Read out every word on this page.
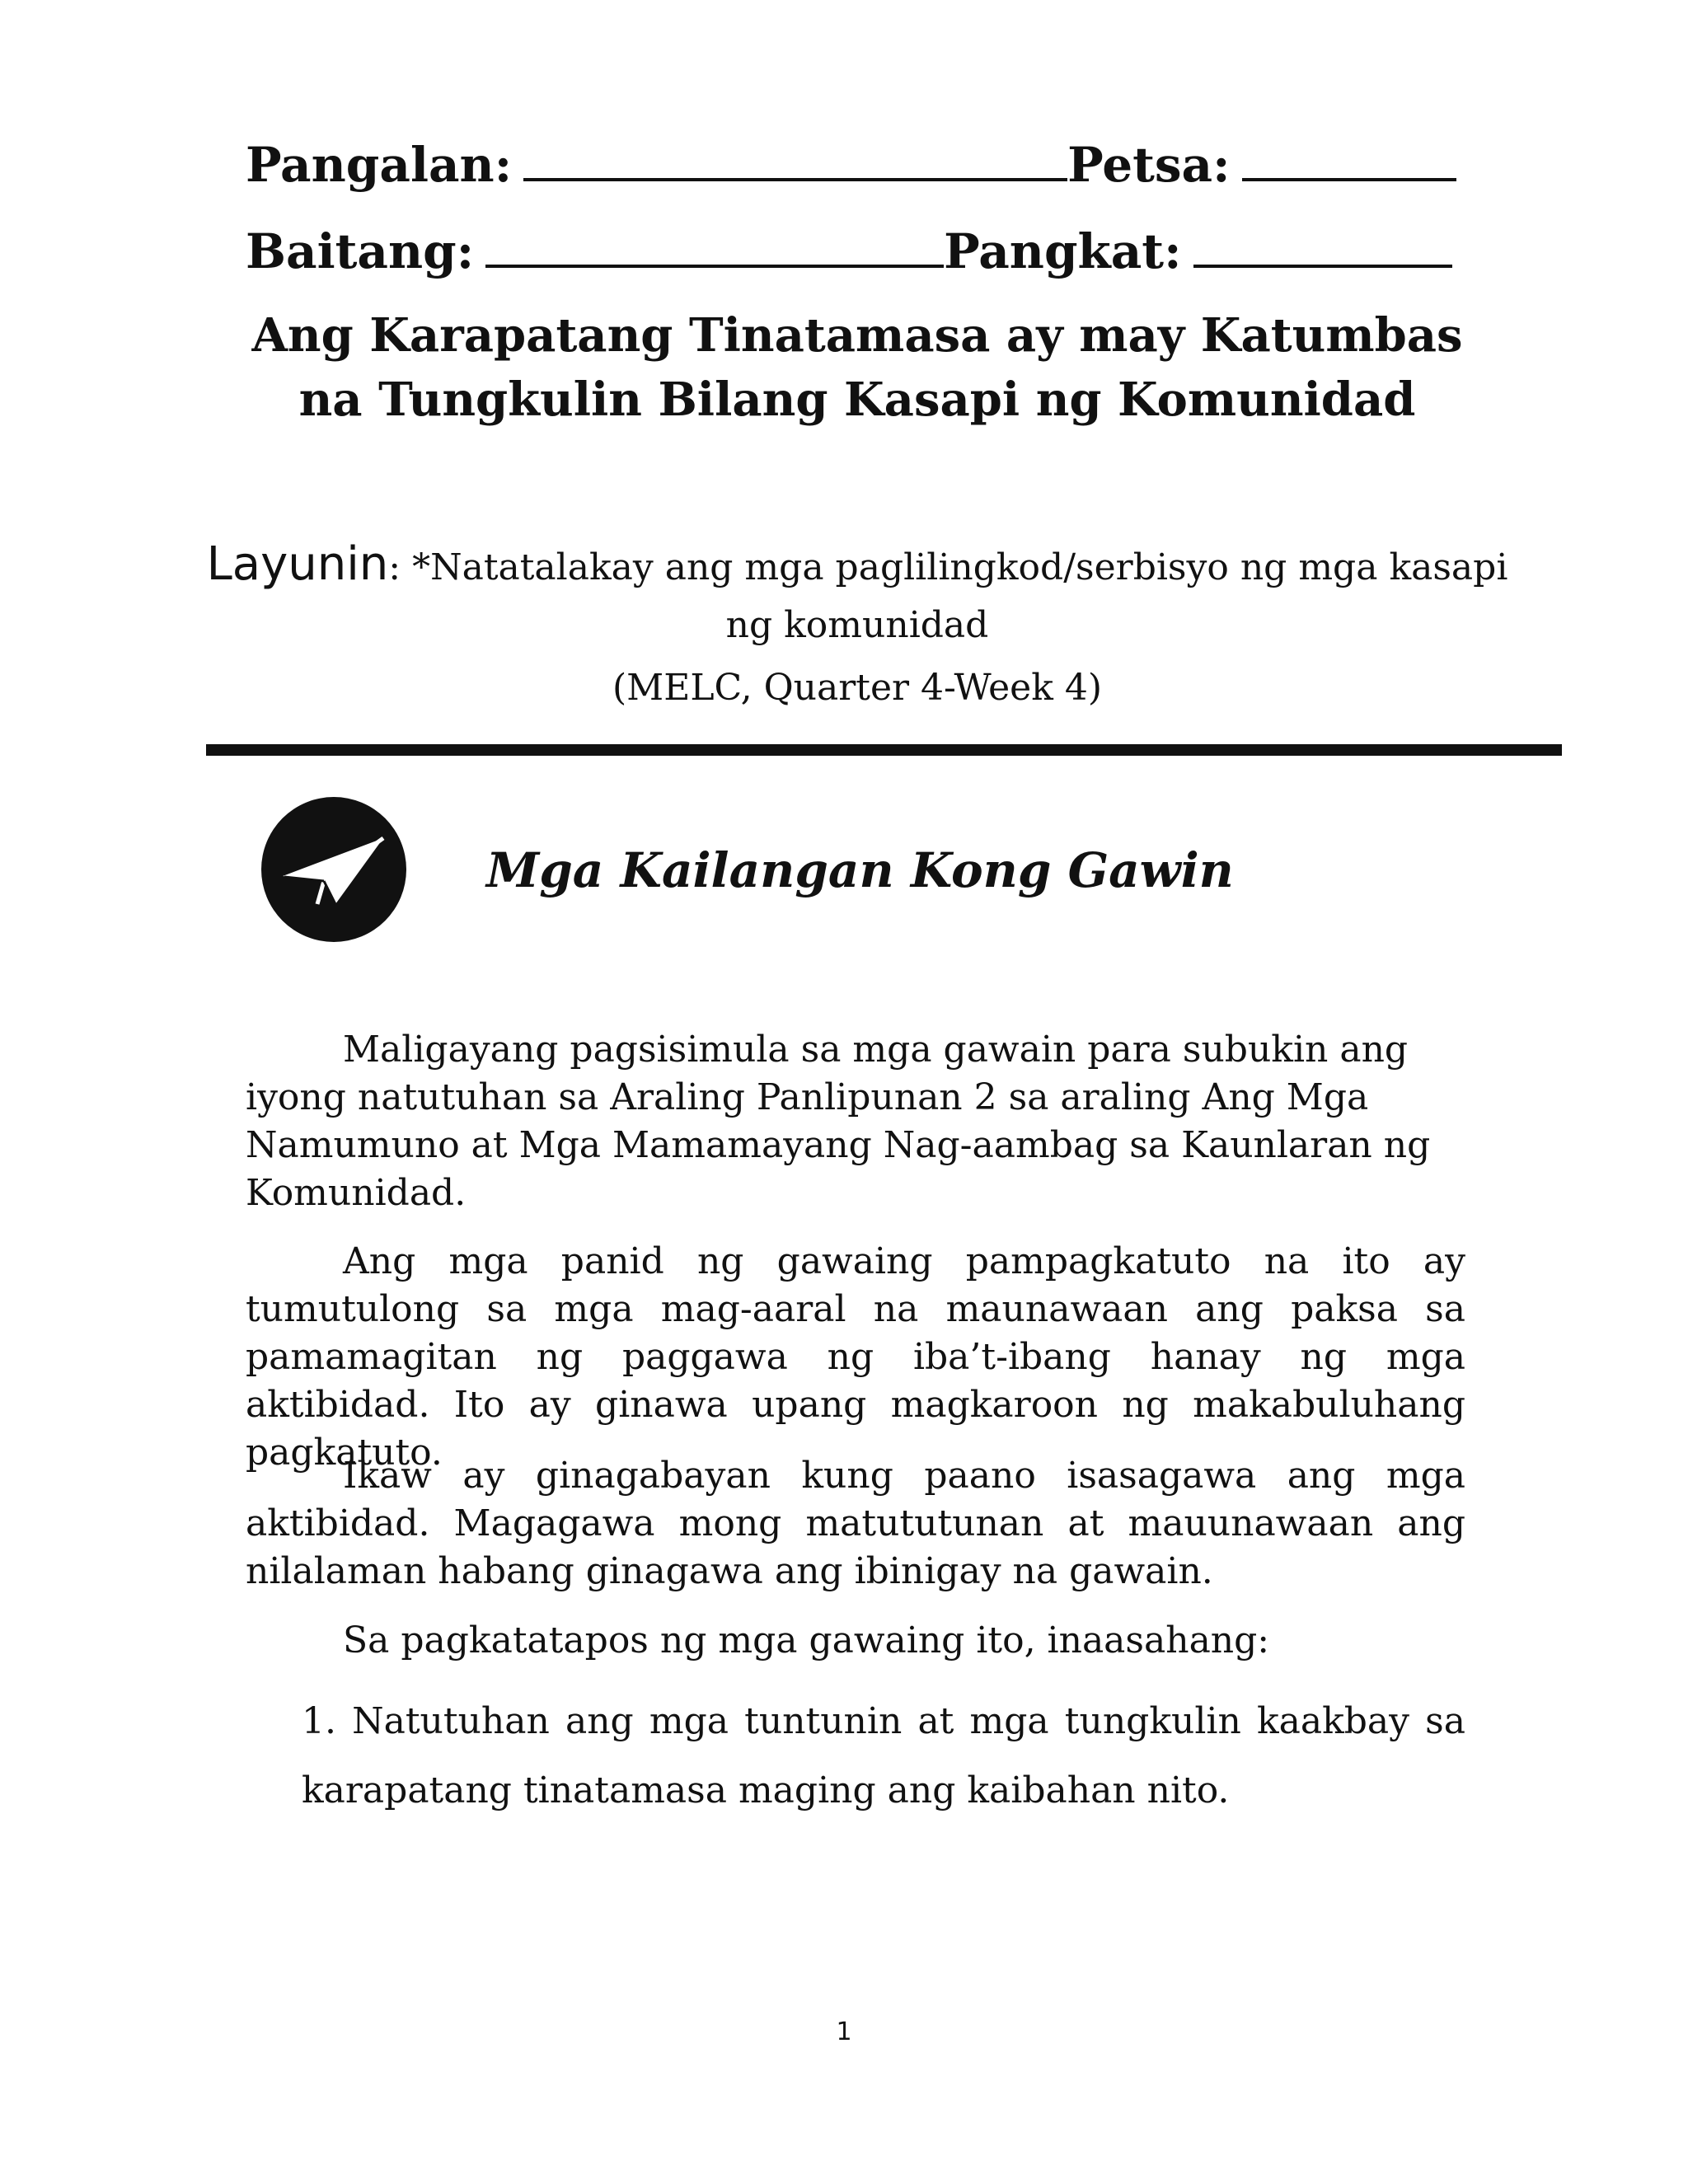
Pangalan:	Petsa:
Baitang:	Pangkat:
Ang Karapatang Tinatamasa ay may Katumbas
na Tungkulin Bilang Kasapi ng Komunidad
Layunin: *Natatalakay ang mga paglilingkod/serbisyo ng mga kasapi ng komunidad
(MELC, Quarter 4-Week 4)
Mga Kailangan Kong Gawin

Maligayang pagsisimula sa mga gawain para subukin ang iyong natutuhan sa Araling Panlipunan 2 sa araling Ang Mga Namumuno at Mga Mamamayang Nag-aambag sa Kaunlaran ng Komunidad.

Ang mga panid ng gawaing pampagkatuto na ito ay tumutulong sa mga mag-aaral na maunawaan ang paksa sa pamamagitan ng paggawa ng iba’t-ibang hanay ng mga aktibidad. Ito ay ginawa upang magkaroon ng makabuluhang pagkatuto.

Ikaw ay ginagabayan kung paano isasagawa ang mga aktibidad. Magagawa mong matututunan at mauunawaan ang nilalaman habang ginagawa ang ibinigay na gawain.

Sa pagkatatapos ng mga gawaing ito, inaasahang:

1. Natutuhan ang mga tuntunin at mga tungkulin kaakbay sa karapatang tinatamasa maging ang kaibahan nito.
1
